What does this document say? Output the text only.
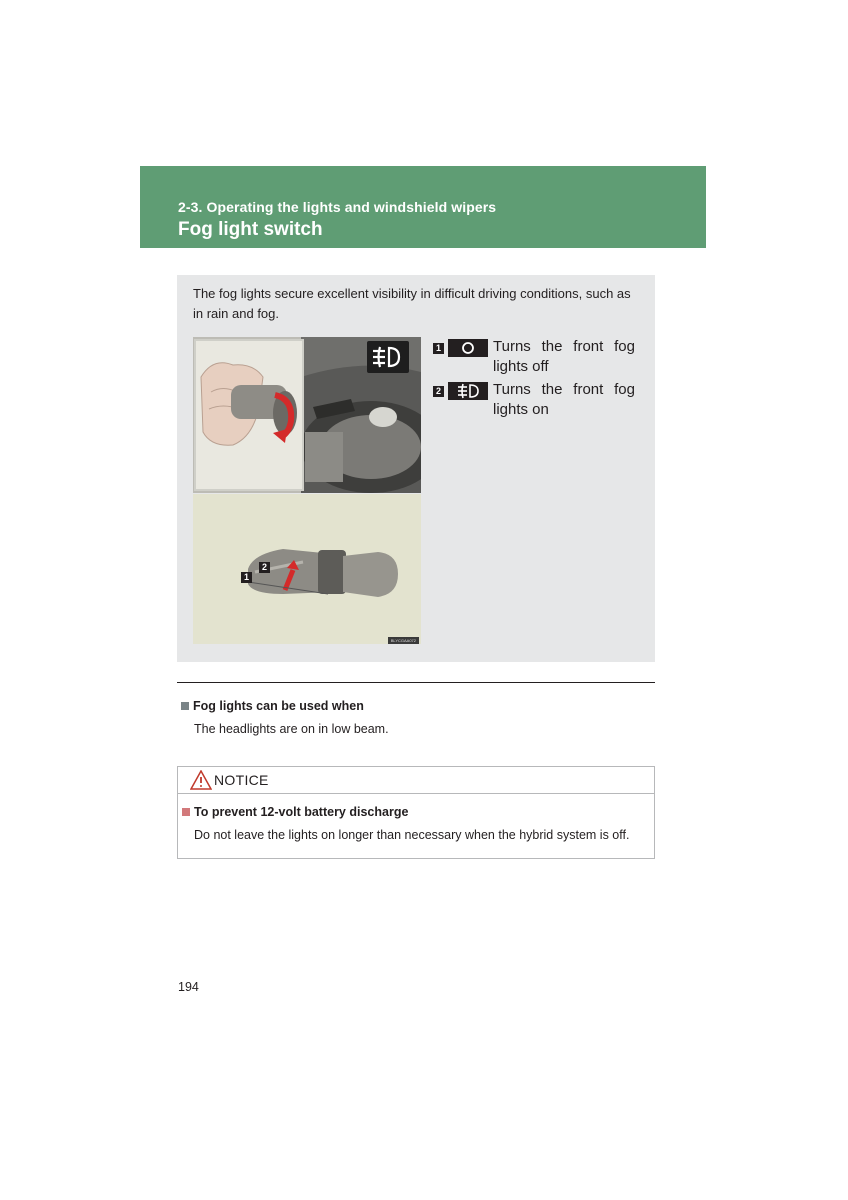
2-3. Operating the lights and windshield wipers
Fog light switch
The fog lights secure excellent visibility in difficult driving conditions, such as in rain and fog.
1
2
BLYCGAA072
1	Turns the front fog lights off
2	Turns the front fog lights on
Fog lights can be used when
The headlights are on in low beam.
NOTICE
To prevent 12-volt battery discharge
Do not leave the lights on longer than necessary when the hybrid system is off.
194
